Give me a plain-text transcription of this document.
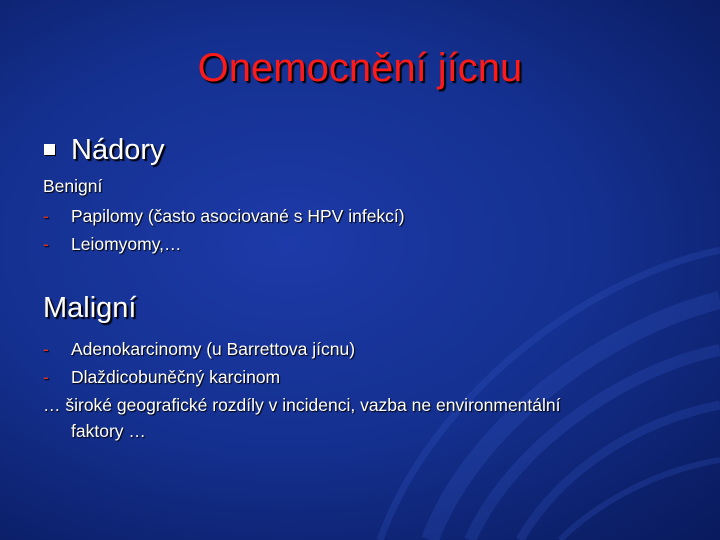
Onemocnění jícnu
Nádory
Benigní
- Papilomy (často asociované s HPV infekcí)
- Leiomyomy,…
Maligní
- Adenokarcinomy (u Barrettova jícnu)
- Dlaždicobuněčný karcinom
… široké geografické rozdíly v incidenci, vazba ne environmentální
faktory …
